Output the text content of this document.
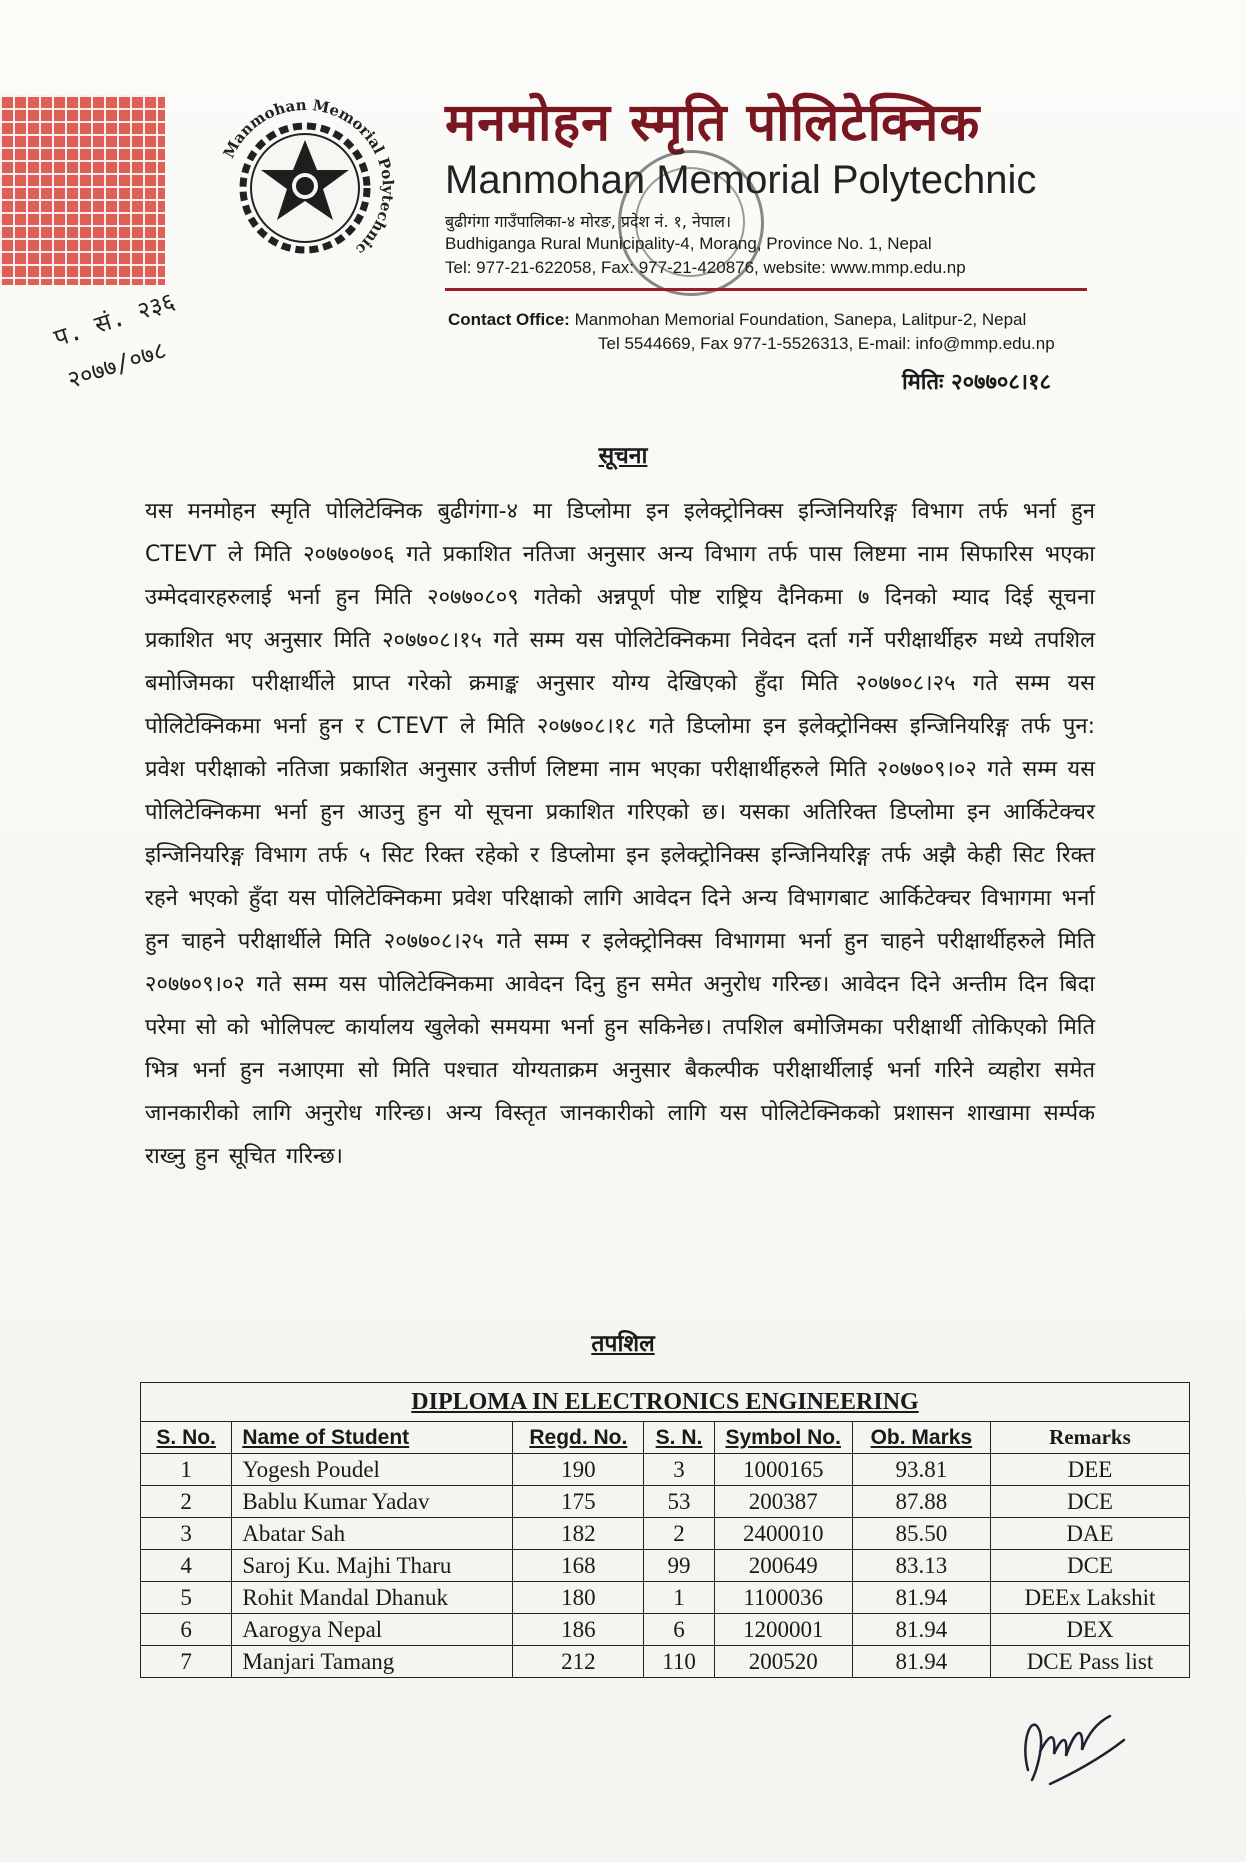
Manmohan Memorial Polytechnic
मनमोहन स्मृति पोलिटेक्निक
Manmohan Memorial Polytechnic
बुढीगंगा गाउँपालिका-४ मोरङ, प्रदेश नं. १, नेपाल।
Budhiganga Rural Municipality-4, Morang, Province No. 1, Nepal
Tel: 977-21-622058, Fax: 977-21-420876, website: www.mmp.edu.np
Contact Office: Manmohan Memorial Foundation, Sanepa, Lalitpur-2, Nepal
Tel 5544669, Fax 977-1-5526313, E-mail: info@mmp.edu.np
मितिः २०७७०८।१८
प. सं. २३६
२०७७/०७८
सूचना
यस मनमोहन स्मृति पोलिटेक्निक बुढीगंगा-४ मा डिप्लोमा इन इलेक्ट्रोनिक्स इन्जिनियरिङ्ग विभाग तर्फ भर्ना हुन CTEVT ले मिति २०७७०७०६ गते प्रकाशित नतिजा अनुसार अन्य विभाग तर्फ पास लिष्टमा नाम सिफारिस भएका उम्मेदवारहरुलाई भर्ना हुन मिति २०७७०८०९ गतेको अन्नपूर्ण पोष्ट राष्ट्रिय दैनिकमा ७ दिनको म्याद दिई सूचना प्रकाशित भए अनुसार मिति २०७७०८।१५ गते सम्म यस पोलिटेक्निकमा निवेदन दर्ता गर्ने परीक्षार्थीहरु मध्ये तपशिल बमोजिमका परीक्षार्थीले प्राप्त गरेको क्रमाङ्क अनुसार योग्य देखिएको हुँदा मिति २०७७०८।२५ गते सम्म यस पोलिटेक्निकमा भर्ना हुन र CTEVT ले मिति २०७७०८।१८ गते डिप्लोमा इन इलेक्ट्रोनिक्स इन्जिनियरिङ्ग तर्फ पुन: प्रवेश परीक्षाको नतिजा प्रकाशित अनुसार उत्तीर्ण लिष्टमा नाम भएका परीक्षार्थीहरुले मिति २०७७०९।०२ गते सम्म यस पोलिटेक्निकमा भर्ना हुन आउनु हुन यो सूचना प्रकाशित गरिएको छ। यसका अतिरिक्त डिप्लोमा इन आर्किटेक्चर इन्जिनियरिङ्ग विभाग तर्फ ५ सिट रिक्त रहेको र डिप्लोमा इन इलेक्ट्रोनिक्स इन्जिनियरिङ्ग तर्फ अझै केही सिट रिक्त रहने भएको हुँदा यस पोलिटेक्निकमा प्रवेश परिक्षाको लागि आवेदन दिने अन्य विभागबाट आर्किटेक्चर विभागमा भर्ना हुन चाहने परीक्षार्थीले मिति २०७७०८।२५ गते सम्म र इलेक्ट्रोनिक्स विभागमा भर्ना हुन चाहने परीक्षार्थीहरुले मिति २०७७०९।०२ गते सम्म यस पोलिटेक्निकमा आवेदन दिनु हुन समेत अनुरोध गरिन्छ। आवेदन दिने अन्तीम दिन बिदा परेमा सो को भोलिपल्ट कार्यालय खुलेको समयमा भर्ना हुन सकिनेछ। तपशिल बमोजिमका परीक्षार्थी तोकिएको मिति भित्र भर्ना हुन नआएमा सो मिति पश्चात योग्यताक्रम अनुसार बैकल्पीक परीक्षार्थीलाई भर्ना गरिने व्यहोरा समेत जानकारीको लागि अनुरोध गरिन्छ। अन्य विस्तृत जानकारीको लागि यस पोलिटेक्निकको प्रशासन शाखामा सर्म्पक राख्नु हुन सूचित गरिन्छ।
तपशिल
DIPLOMA IN ELECTRONICS ENGINEERING						
S. No.	Name of Student	Regd. No.	S. N.	Symbol No.	Ob. Marks	Remarks
1	Yogesh Poudel	190	3	1000165	93.81	DEE
2	Bablu Kumar Yadav	175	53	200387	87.88	DCE
3	Abatar Sah	182	2	2400010	85.50	DAE
4	Saroj Ku. Majhi Tharu	168	99	200649	83.13	DCE
5	Rohit Mandal Dhanuk	180	1	1100036	81.94	DEEx Lakshit
6	Aarogya Nepal	186	6	1200001	81.94	DEX
7	Manjari Tamang	212	110	200520	81.94	DCE Pass list
